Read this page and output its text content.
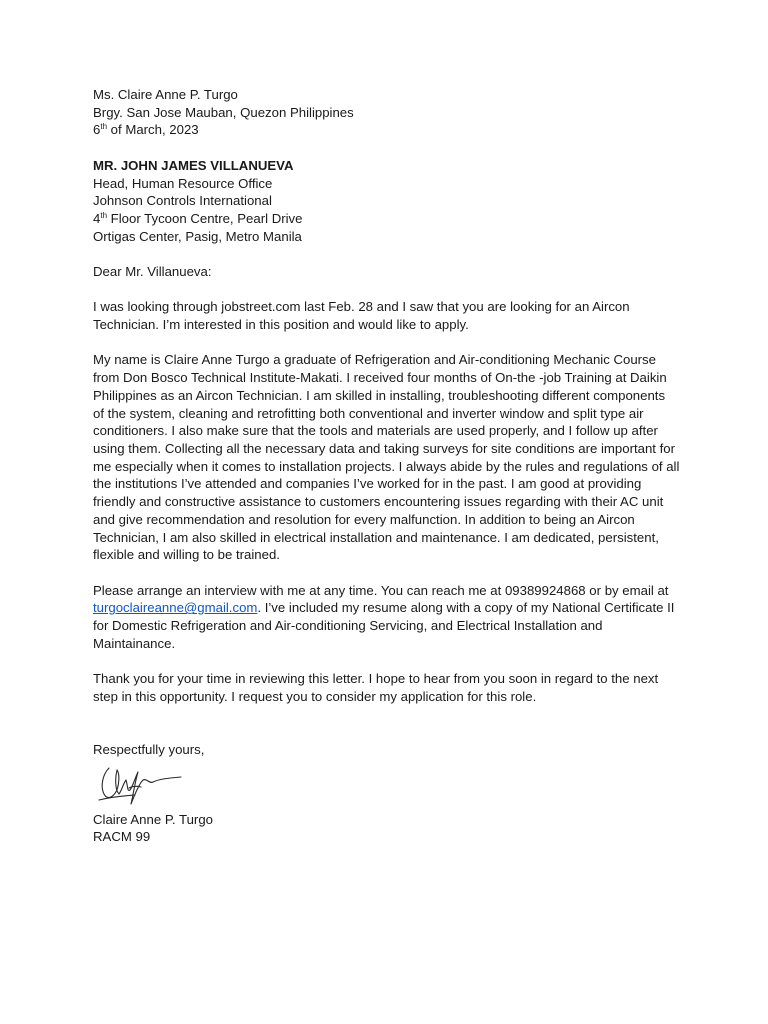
Ms. Claire Anne P. Turgo
Brgy. San Jose Mauban, Quezon Philippines
6th of March, 2023
MR. JOHN JAMES VILLANUEVA
Head, Human Resource Office
Johnson Controls International
4th Floor Tycoon Centre, Pearl Drive
Ortigas Center, Pasig, Metro Manila
Dear Mr. Villanueva:
I was looking through jobstreet.com last Feb. 28 and I saw that you are looking for an Aircon
Technician. I’m interested in this position and would like to apply.
My name is Claire Anne Turgo a graduate of Refrigeration and Air-conditioning Mechanic Course
from Don Bosco Technical Institute-Makati. I received four months of On-the -job Training at Daikin
Philippines as an Aircon Technician. I am skilled in installing, troubleshooting different components
of the system, cleaning and retrofitting both conventional and inverter window and split type air
conditioners. I also make sure that the tools and materials are used properly, and I follow up after
using them. Collecting all the necessary data and taking surveys for site conditions are important for
me especially when it comes to installation projects. I always abide by the rules and regulations of all
the institutions I’ve attended and companies I’ve worked for in the past. I am good at providing
friendly and constructive assistance to customers encountering issues regarding with their AC unit
and give recommendation and resolution for every malfunction. In addition to being an Aircon
Technician, I am also skilled in electrical installation and maintenance. I am dedicated, persistent,
flexible and willing to be trained.
Please arrange an interview with me at any time. You can reach me at 09389924868 or by email at
turgoclaireanne@gmail.com. I’ve included my resume along with a copy of my National Certificate II
for Domestic Refrigeration and Air-conditioning Servicing, and Electrical Installation and
Maintainance.
Thank you for your time in reviewing this letter. I hope to hear from you soon in regard to the next
step in this opportunity. I request you to consider my application for this role.
Respectfully yours,
Claire Anne P. Turgo
RACM 99
